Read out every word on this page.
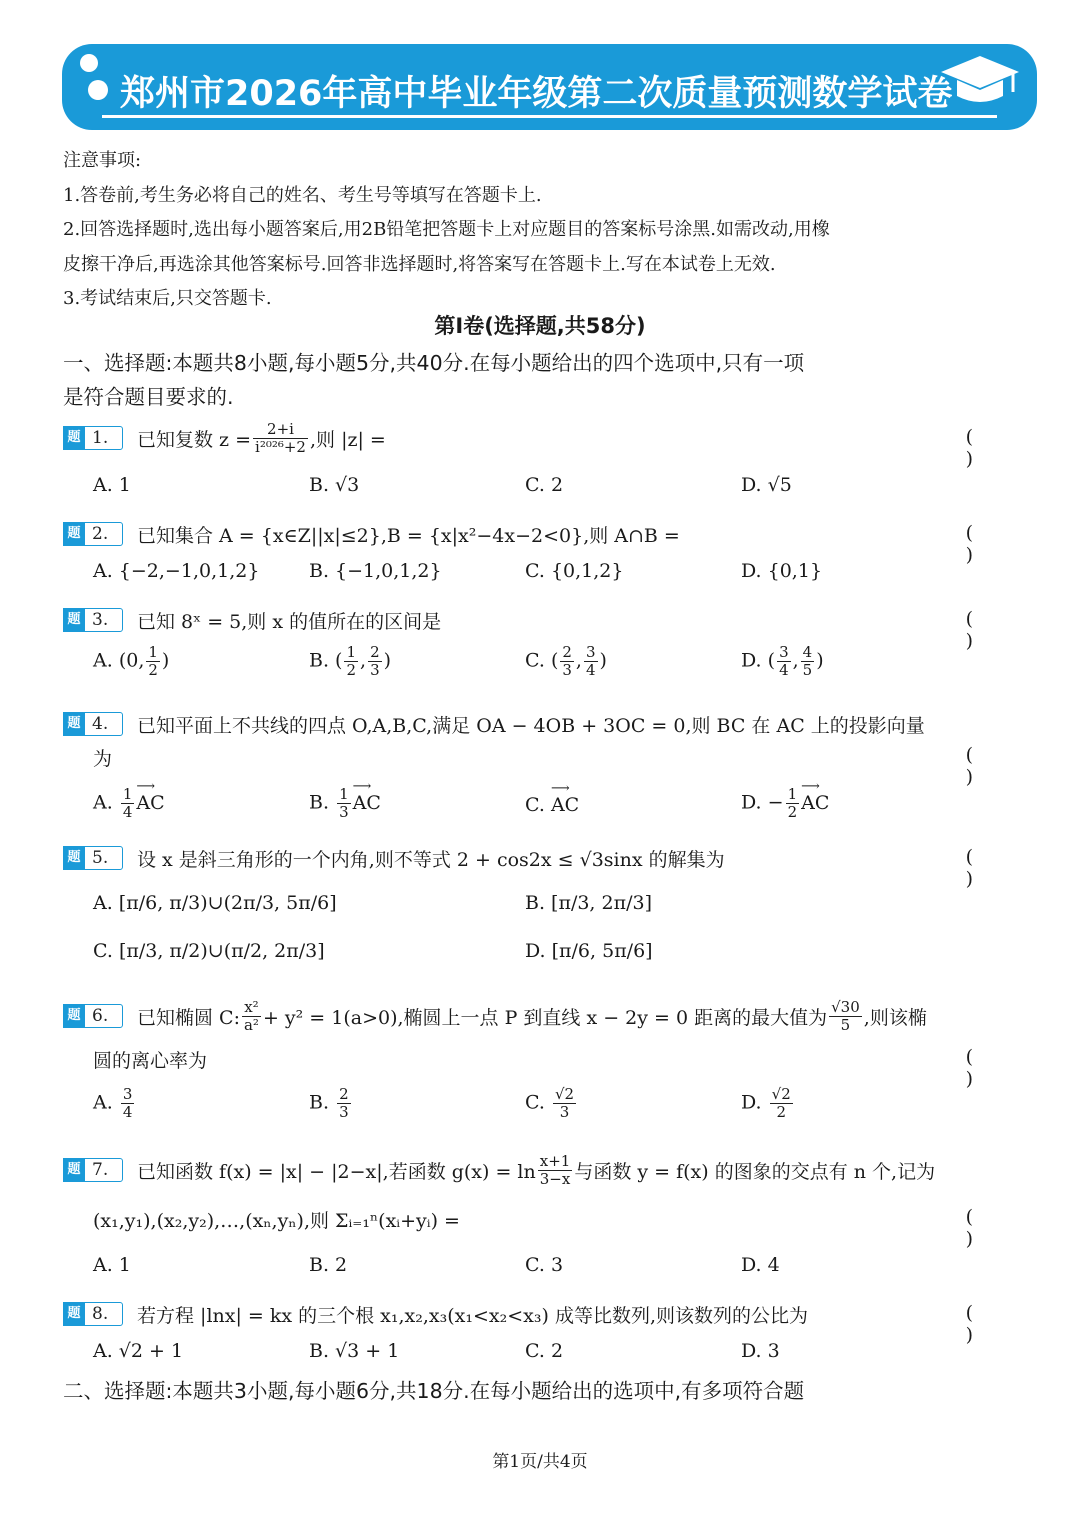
郑州市2026年高中毕业年级第二次质量预测数学试卷

注意事项:

1.答卷前,考生务必将自己的姓名、考生号等填写在答题卡上.

2.回答选择题时,选出每小题答案后,用2B铅笔把答题卡上对应题目的答案标号涂黑.如需改动,用橡

皮擦干净后,再选涂其他答案标号.回答非选择题时,将答案写在答题卡上.写在本试卷上无效.

3.考试结束后,只交答题卡.

第Ⅰ卷(选择题,共58分)
一、选择题:本题共8小题,每小题5分,共40分.在每小题给出的四个选项中,只有一项
是符合题目要求的.
题 1. 已知复数 $z = \frac{2+i}{\text{i²⁰²⁶+2}}$ ,则 |z| =	( )
A. 1	B. √3	C. 2	D. √5
题 2. 已知集合 A = {x∈Z||x|≤2},B = {x|x²−4x−2<0},则 A∩B =	( )
A. {−2,−1,0,1,2}	B. {−1,0,1,2}	C. {0,1,2}	D. {0,1}
题 3. 已知 8ˣ = 5,则 x 的值所在的区间是	( )
A. (0, $\frac{1}{2}$ )	B. ( $\frac{1}{2}$ , $\frac{2}{3}$ )	C. ( $\frac{2}{3}$ , $\frac{3}{4}$ )	D. ( $\frac{3}{4}$ , $\frac{4}{5}$ )
题 4. 已知平面上不共线的四点 O,A,B,C,满足 OA − 4OB + 3OC = 0,则 BC 在 AC 上的投影向量
为	( )
A. $\frac{1}{4}$ ⟶ AC	B. $\frac{1}{3}$ ⟶ AC	C. ⟶ AC	D. − $\frac{1}{2}$ ⟶ AC
题 5. 设 x 是斜三角形的一个内角,则不等式 2 + cos2x ≤ √3sinx 的解集为	( )
A. [π/6, π/3)∪(2π/3, 5π/6]	B. [π/3, 2π/3]
C. [π/3, π/2)∪(π/2, 2π/3]	D. [π/6, 5π/6]
题 6. 已知椭圆 C: $\frac{\text{x²}}{\text{a²}} + y^2 = 1(a>0)$,椭圆上一点 P 到直线 x − 2y = 0 距离的最大值为 $\frac{√30}{5}$ ,则该椭
圆的离心率为	( )
A. $\frac{3}{4}$	B. $\frac{2}{3}$	C. $\frac{√2}{3}$	D. $\frac{√2}{2}$
题 7. 已知函数 f(x) = |x| − |2−x|,若函数 $g(x) = \ln \frac{x+1}{3-x}$ 与函数 y = f(x) 的图象的交点有 n 个,记为
(x₁,y₁),(x₂,y₂),…,(xₙ,yₙ),则 Σᵢ₌₁ⁿ(xᵢ+yᵢ) =	( )
A. 1	B. 2	C. 3	D. 4
题 8. 若方程 |lnx| = kx 的三个根 x₁,x₂,x₃(x₁<x₂<x₃) 成等比数列,则该数列的公比为	( )
A. √2 + 1	B. √3 + 1	C. 2	D. 3
二、选择题:本题共3小题,每小题6分,共18分.在每小题给出的选项中,有多项符合题
第1页/共4页
